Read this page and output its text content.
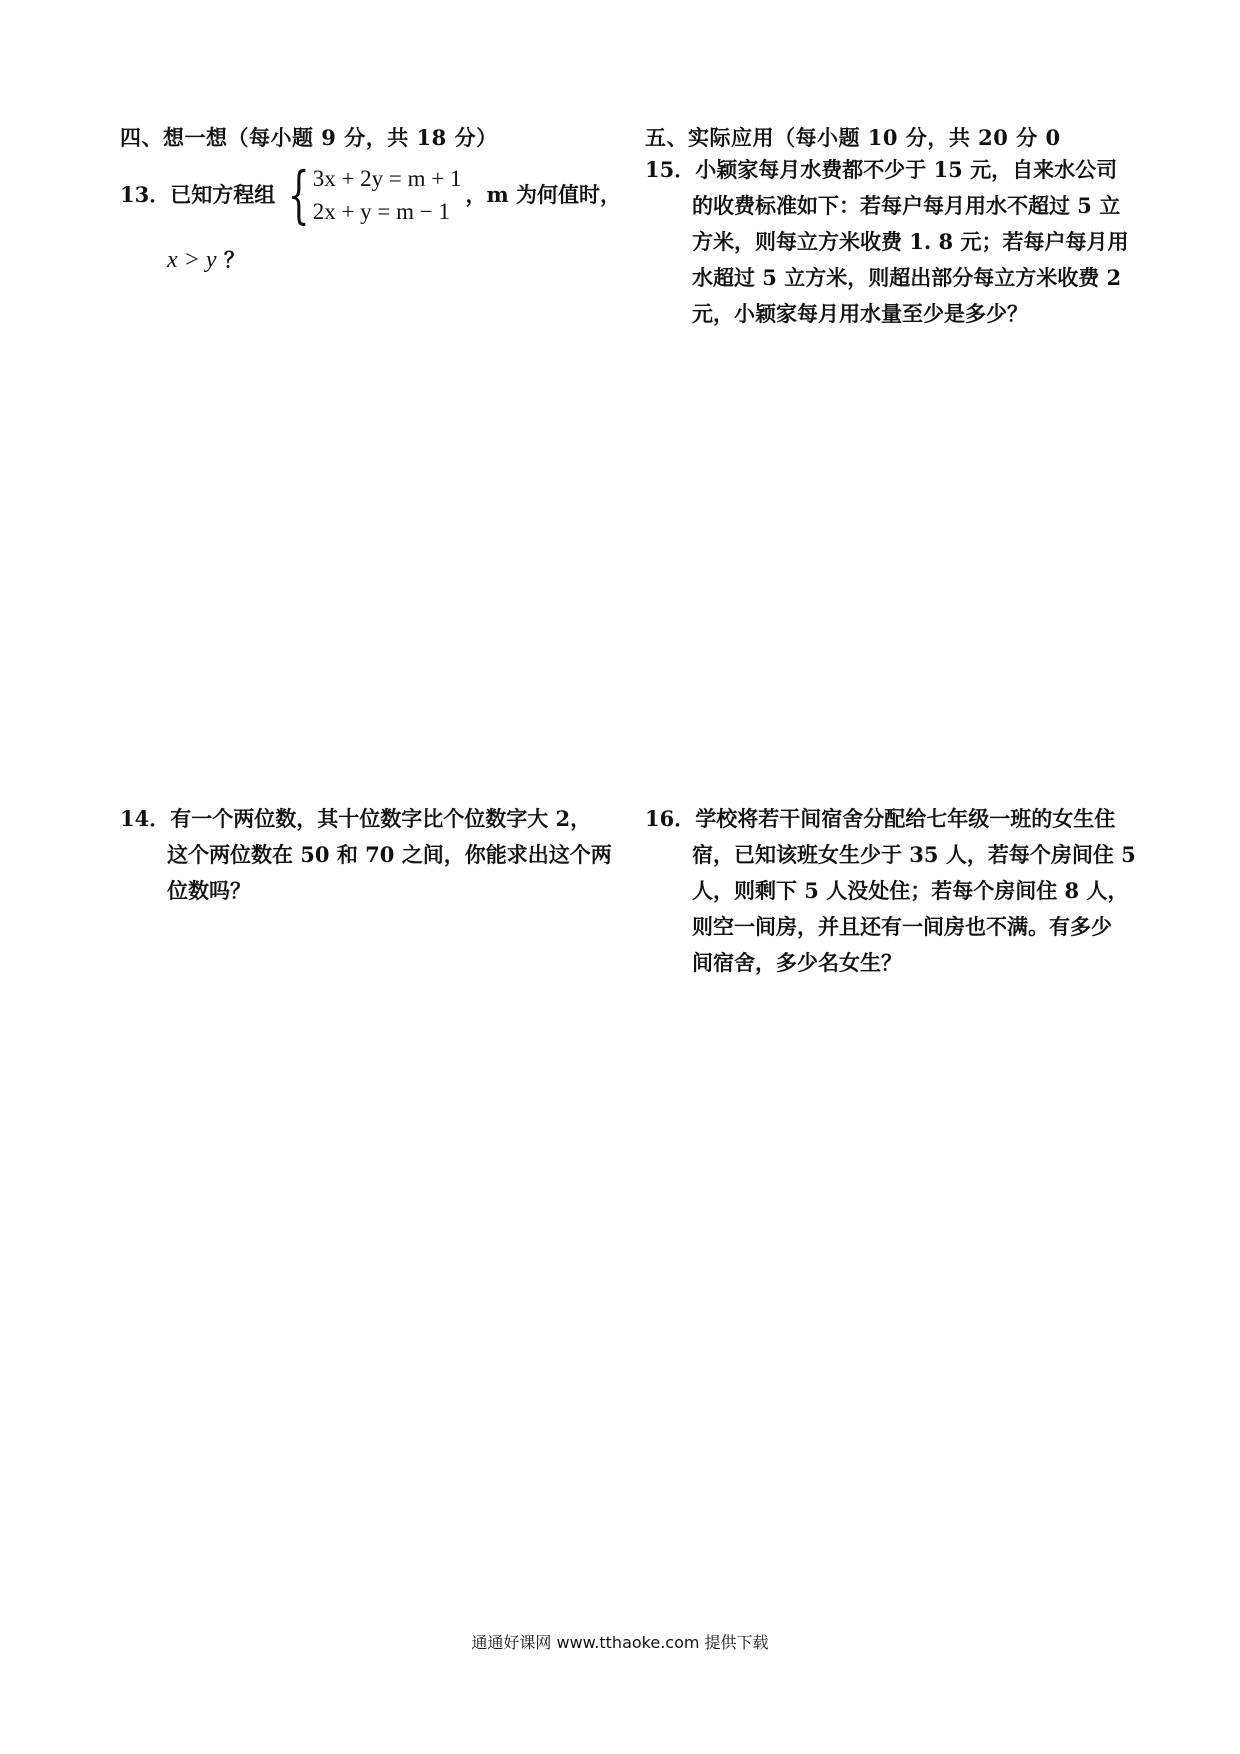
四、想一想（每小题 9 分，共 18 分）	五、实际应用（每小题 10 分，共 20 分 0
13． 已知方程组 { 3x + 2y = m + 1
2x + y = m − 1
，m 为何值时，
x > y ？
15．小颖家每月水费都不少于 15 元，自来水公司
的收费标准如下：若每户每月用水不超过 5 立
方米，则每立方米收费 1. 8 元；若每户每月用
水超过 5 立方米，则超出部分每立方米收费 2
元，小颖家每月用水量至少是多少？
14．有一个两位数，其十位数字比个位数字大 2，
这个两位数在 50 和 70 之间，你能求出这个两
位数吗？
16．学校将若干间宿舍分配给七年级一班的女生住
宿，已知该班女生少于 35 人，若每个房间住 5
人，则剩下 5 人没处住；若每个房间住 8 人，
则空一间房，并且还有一间房也不满。有多少
间宿舍，多少名女生？
通通好课网 www.tthaoke.com 提供下载
